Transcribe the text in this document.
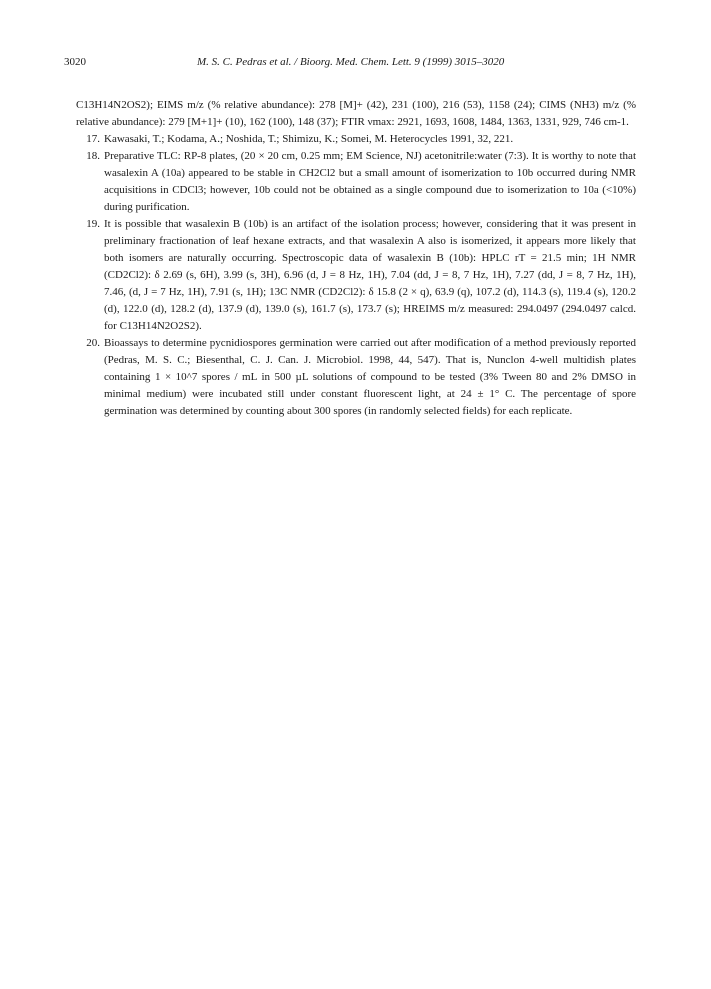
3020	M. S. C. Pedras et al. / Bioorg. Med. Chem. Lett. 9 (1999) 3015–3020

C13H14N2OS2); EIMS m/z (% relative abundance): 278 [M]+ (42), 231 (100), 216 (53), 1158 (24); CIMS (NH3) m/z (% relative abundance): 279 [M+1]+ (10), 162 (100), 148 (37); FTIR νmax: 2921, 1693, 1608, 1484, 1363, 1331, 929, 746 cm-1.

17. Kawasaki, T.; Kodama, A.; Noshida, T.; Shimizu, K.; Somei, M. Heterocycles 1991, 32, 221.
18. Preparative TLC: RP-8 plates, (20 × 20 cm, 0.25 mm; EM Science, NJ) acetonitrile:water (7:3). It is worthy to note that wasalexin A (10a) appeared to be stable in CH2Cl2 but a small amount of isomerization to 10b occurred during NMR acquisitions in CDCl3; however, 10b could not be obtained as a single compound due to isomerization to 10a (<10%) during purification.
19. It is possible that wasalexin B (10b) is an artifact of the isolation process; however, considering that it was present in preliminary fractionation of leaf hexane extracts, and that wasalexin A also is isomerized, it appears more likely that both isomers are naturally occurring. Spectroscopic data of wasalexin B (10b): HPLC rT = 21.5 min; 1H NMR (CD2Cl2): δ 2.69 (s, 6H), 3.99 (s, 3H), 6.96 (d, J = 8 Hz, 1H), 7.04 (dd, J = 8, 7 Hz, 1H), 7.27 (dd, J = 8, 7 Hz, 1H), 7.46, (d, J = 7 Hz, 1H), 7.91 (s, 1H); 13C NMR (CD2Cl2): δ 15.8 (2 × q), 63.9 (q), 107.2 (d), 114.3 (s), 119.4 (s), 120.2 (d), 122.0 (d), 128.2 (d), 137.9 (d), 139.0 (s), 161.7 (s), 173.7 (s); HREIMS m/z measured: 294.0497 (294.0497 calcd. for C13H14N2O2S2).
20. Bioassays to determine pycnidiospores germination were carried out after modification of a method previously reported (Pedras, M. S. C.; Biesenthal, C. J. Can. J. Microbiol. 1998, 44, 547). That is, Nunclon 4-well multidish plates containing 1 × 10^7 spores / mL in 500 µL solutions of compound to be tested (3% Tween 80 and 2% DMSO in minimal medium) were incubated still under constant fluorescent light, at 24 ± 1° C. The percentage of spore germination was determined by counting about 300 spores (in randomly selected fields) for each replicate.
